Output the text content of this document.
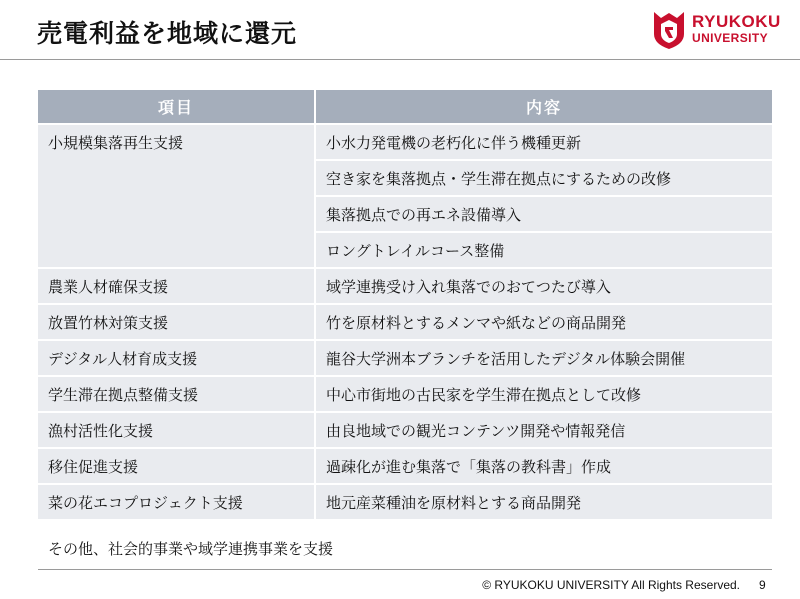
売電利益を地域に還元	RYUKOKU
UNIVERSITY
項目	内容
小規模集落再生支援	小水力発電機の老朽化に伴う機種更新
空き家を集落拠点・学生滞在拠点にするための改修
集落拠点での再エネ設備導入
ロングトレイルコース整備
農業人材確保支援	域学連携受け入れ集落でのおてつたび導入
放置竹林対策支援	竹を原材料とするメンマや紙などの商品開発
デジタル人材育成支援	龍谷大学洲本ブランチを活用したデジタル体験会開催
学生滞在拠点整備支援	中心市街地の古民家を学生滞在拠点として改修
漁村活性化支援	由良地域での観光コンテンツ開発や情報発信
移住促進支援	過疎化が進む集落で「集落の教科書」作成
菜の花エコプロジェクト支援	地元産菜種油を原材料とする商品開発
その他、社会的事業や域学連携事業を支援
© RYUKOKU UNIVERSITY All Rights Reserved. 9
